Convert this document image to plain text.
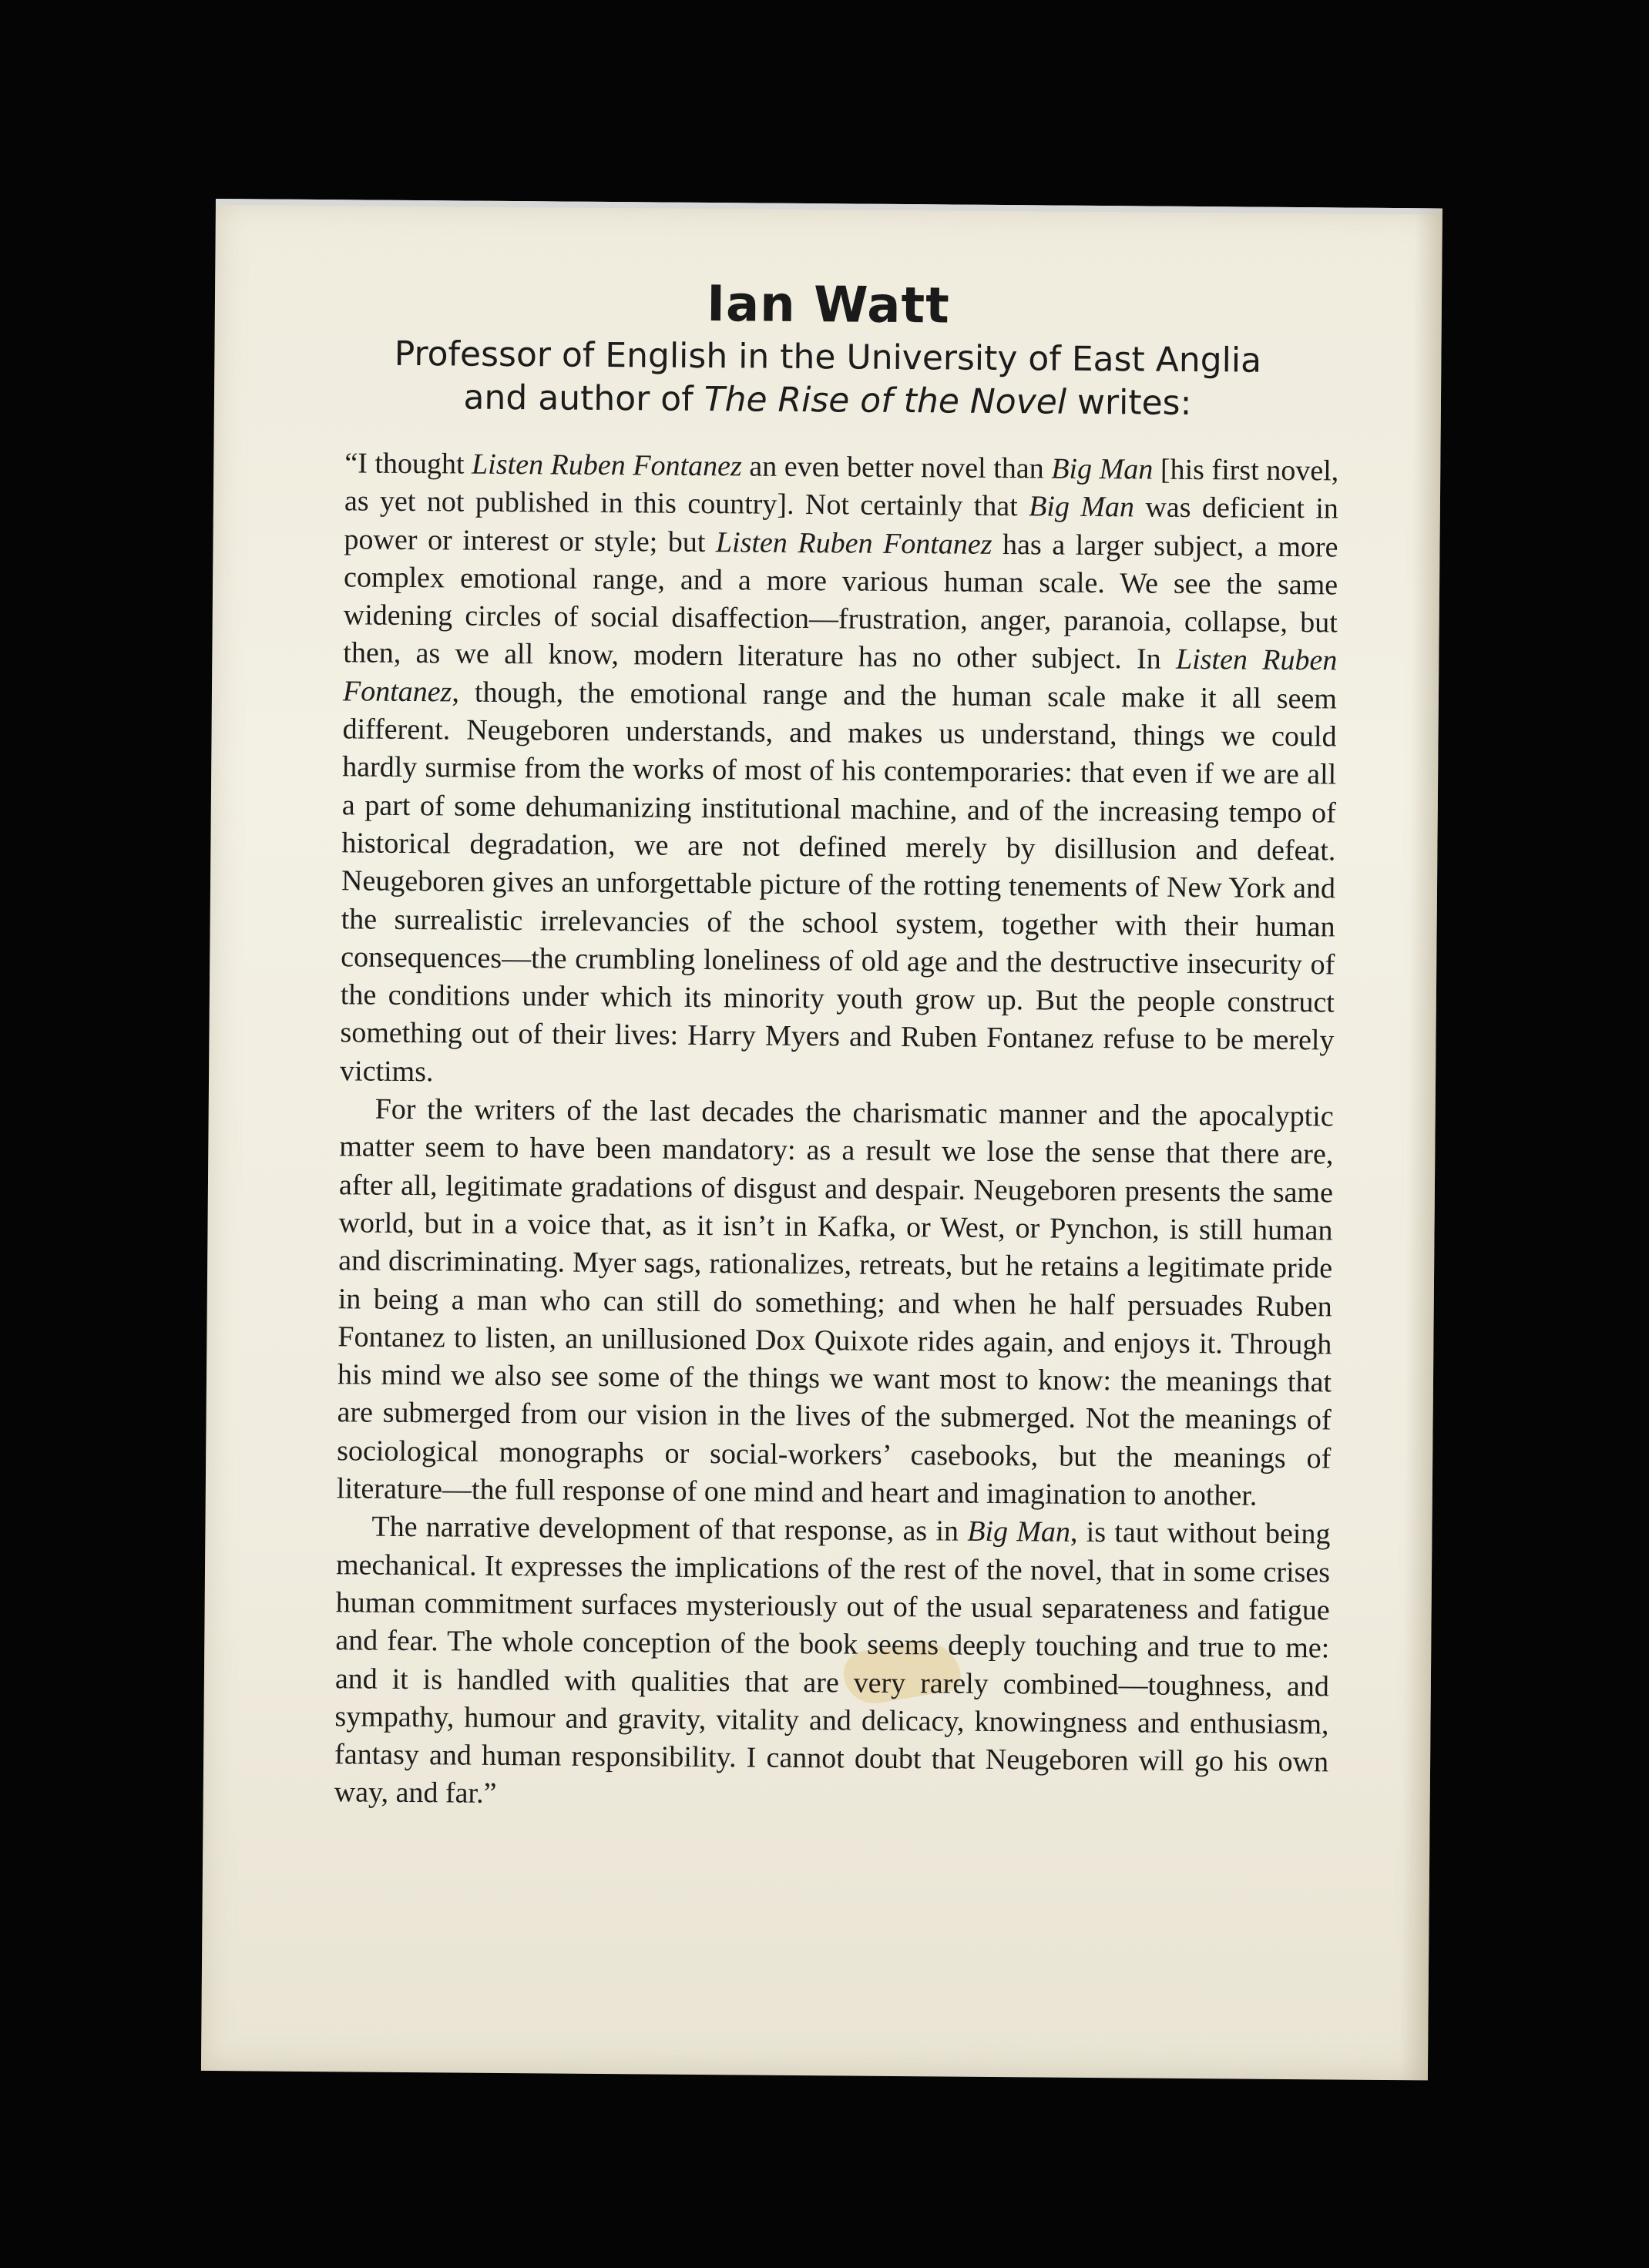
Ian Watt
Professor of English in the University of East Anglia
and author of The Rise of the Novel writes:

“I thought Listen Ruben Fontanez an even better novel than Big Man [his first novel, as yet not published in this country]. Not certainly that Big Man was deficient in power or interest or style; but Listen Ruben Fontanez has a larger subject, a more complex emotional range, and a more various human scale. We see the same widening circles of social disaffection—frustration, anger, paranoia, collapse, but then, as we all know, modern literature has no other subject. In Listen Ruben Fontanez, though, the emotional range and the human scale make it all seem different. Neugeboren understands, and makes us understand, things we could hardly surmise from the works of most of his contemporaries: that even if we are all a part of some dehumanizing institutional machine, and of the increasing tempo of historical degradation, we are not defined merely by disillusion and defeat. Neugeboren gives an unforgettable picture of the rotting tenements of New York and the surrealistic irrelevancies of the school system, together with their human consequences—the crumbling loneliness of old age and the destructive insecurity of the conditions under which its minority youth grow up. But the people construct something out of their lives: Harry Myers and Ruben Fontanez refuse to be merely victims.

For the writers of the last decades the charismatic manner and the apocalyptic matter seem to have been mandatory: as a result we lose the sense that there are, after all, legitimate gradations of disgust and despair. Neugeboren presents the same world, but in a voice that, as it isn’t in Kafka, or West, or Pynchon, is still human and discriminating. Myer sags, rationalizes, retreats, but he retains a legitimate pride in being a man who can still do something; and when he half persuades Ruben Fontanez to listen, an unillusioned Dox Quixote rides again, and enjoys it. Through his mind we also see some of the things we want most to know: the meanings that are submerged from our vision in the lives of the submerged. Not the meanings of sociological monographs or social-workers’ casebooks, but the meanings of literature—the full response of one mind and heart and imagination to another.

The narrative development of that response, as in Big Man, is taut without being mechanical. It expresses the implications of the rest of the novel, that in some crises human commitment surfaces mysteriously out of the usual separateness and fatigue and fear. The whole conception of the book seems deeply touching and true to me: and it is handled with qualities that are very rarely combined—toughness, and sympathy, humour and gravity, vitality and delicacy, knowingness and enthusiasm, fantasy and human responsibility. I cannot doubt that Neugeboren will go his own way, and far.”
